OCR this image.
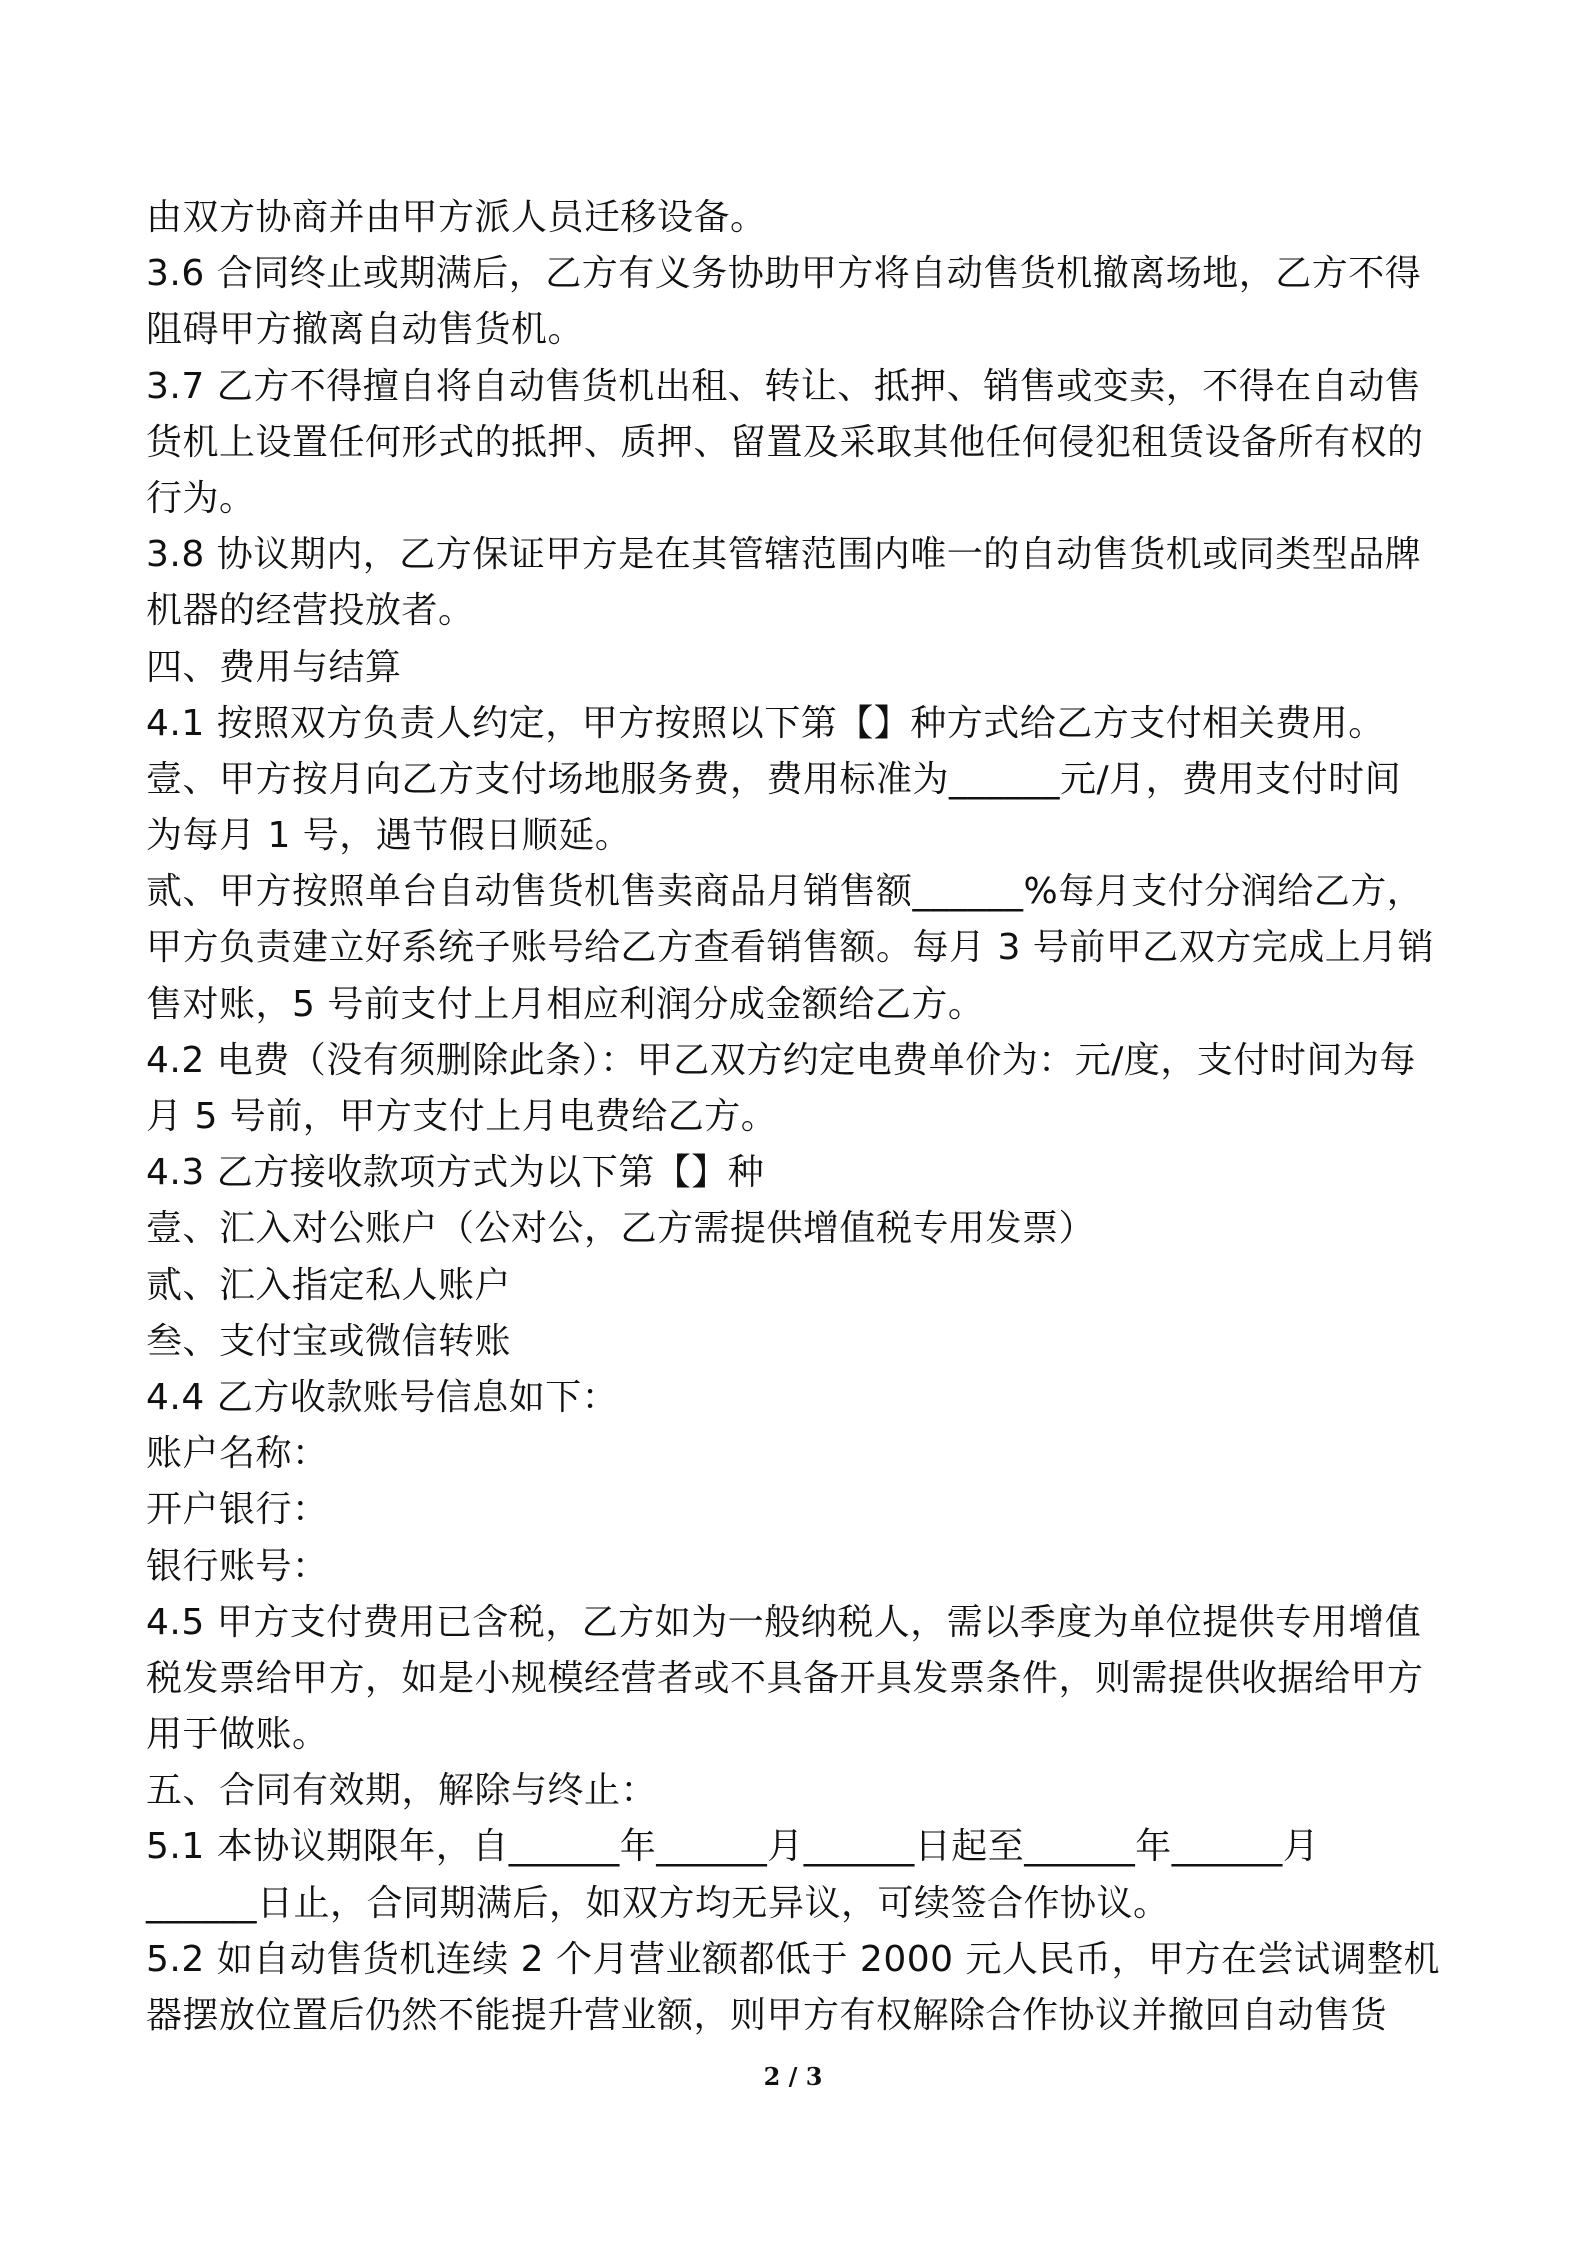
由双方协商并由甲方派人员迁移设备。
3.6 合同终止或期满后，乙方有义务协助甲方将自动售货机撤离场地，乙方不得
阻碍甲方撤离自动售货机。
3.7 乙方不得擅自将自动售货机出租、转让、抵押、销售或变卖，不得在自动售
货机上设置任何形式的抵押、质押、留置及采取其他任何侵犯租赁设备所有权的
行为。
3.8 协议期内，乙方保证甲方是在其管辖范围内唯一的自动售货机或同类型品牌
机器的经营投放者。
四、费用与结算
4.1 按照双方负责人约定，甲方按照以下第【】种方式给乙方支付相关费用。
壹、甲方按月向乙方支付场地服务费，费用标准为______元/月，费用支付时间
为每月 1 号，遇节假日顺延。
贰、甲方按照单台自动售货机售卖商品月销售额______%每月支付分润给乙方，
甲方负责建立好系统子账号给乙方查看销售额。每月 3 号前甲乙双方完成上月销
售对账，5 号前支付上月相应利润分成金额给乙方。
4.2 电费（没有须删除此条）：甲乙双方约定电费单价为：元/度，支付时间为每
月 5 号前，甲方支付上月电费给乙方。
4.3 乙方接收款项方式为以下第【】种
壹、汇入对公账户（公对公，乙方需提供增值税专用发票）
贰、汇入指定私人账户
叁、支付宝或微信转账
4.4 乙方收款账号信息如下：
账户名称：
开户银行：
银行账号：
4.5 甲方支付费用已含税，乙方如为一般纳税人，需以季度为单位提供专用增值
税发票给甲方，如是小规模经营者或不具备开具发票条件，则需提供收据给甲方
用于做账。
五、合同有效期，解除与终止：
5.1 本协议期限年，自______年______月______日起至______年______月
______日止，合同期满后，如双方均无异议，可续签合作协议。
5.2 如自动售货机连续 2 个月营业额都低于 2000 元人民币，甲方在尝试调整机
器摆放位置后仍然不能提升营业额，则甲方有权解除合作协议并撤回自动售货
2 / 3
